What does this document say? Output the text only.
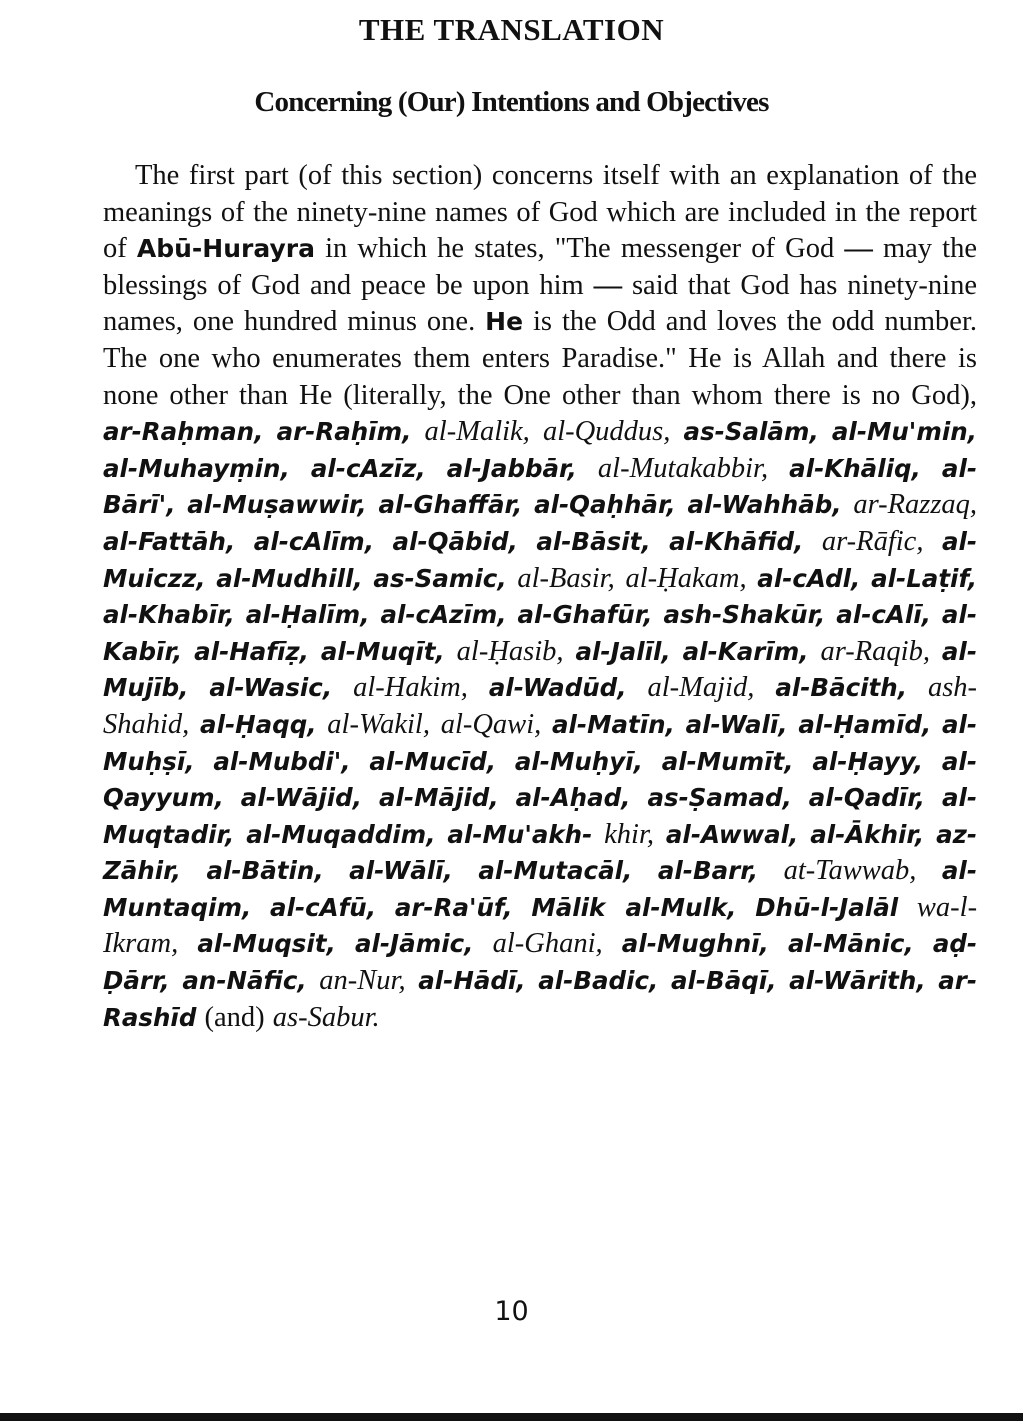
THE TRANSLATION
Concerning (Our) Intentions and Objectives
The first part (of this section) concerns itself with an explanation of the meanings of the ninety-nine names of God which are included in the report of Abū-Hurayra in which he states, "The messenger of God — may the blessings of God and peace be upon him — said that God has ninety-nine names, one hundred minus one. He is the Odd and loves the odd number. The one who enumerates them enters Paradise." He is Allah and there is none other than He (literally, the One other than whom there is no God), ar-Raḥman, ar-Raḥīm, al-Malik, al-Quddus, as-Salām, al-Mu'min, al-Muhayṃin, al-cAzīz, al-Jabbār, al-Mutakabbir, al-Khāliq, al-Bārī', al-Muṣawwir, al-Ghaffār, al-Qaḥhār, al-Wahhāb, ar-Razzaq, al-Fattāh, al-cAlīm, al-Qābid, al-Bāsit, al-Khāfid, ar-Rāfic, al-Muiczz, al-Mudhill, as-Samic, al-Basir, al-Ḥakam, al-cAdl, al-Laṭif, al-Khabīr, al-Ḥalīm, al-cAzīm, al-Ghafūr, ash-Shakūr, al-cAlī, al-Kabīr, al-Hafīẓ, al-Muqīt, al-Ḥasib, al-Jalīl, al-Karīm, ar-Raqib, al-Mujīb, al-Wasic, al-Hakim, al-Wadūd, al-Majid, al-Bācith, ash-Shahid, al-Ḥaqq, al-Wakil, al-Qawi, al-Matīn, al-Walī, al-Ḥamīd, al-Muḥṣī, al-Mubdi', al-Mucīd, al-Muḥyī, al-Mumīt, al-Ḥayy, al-Qayyum, al-Wājid, al-Mājid, al-Aḥad, as-Ṣamad, al-Qadīr, al-Muqtadir, al-Muqaddim, al-Mu'akh- khir, al-Awwal, al-Ākhir, az-Zāhir, al-Bātin, al-Wālī, al-Mutacāl, al-Barr, at-Tawwab, al-Muntaqim, al-cAfū, ar-Ra'ūf, Mālik al-Mulk, Dhū-l-Jalāl wa-l-Ikram, al-Muqsit, al-Jāmic, al-Ghani, al-Mughnī, al-Mānic, aḍ-Ḍārr, an-Nāfic, an-Nur, al-Hādī, al-Badic, al-Bāqī, al-Wārith, ar-Rashīd (and) as-Sabur.
10
